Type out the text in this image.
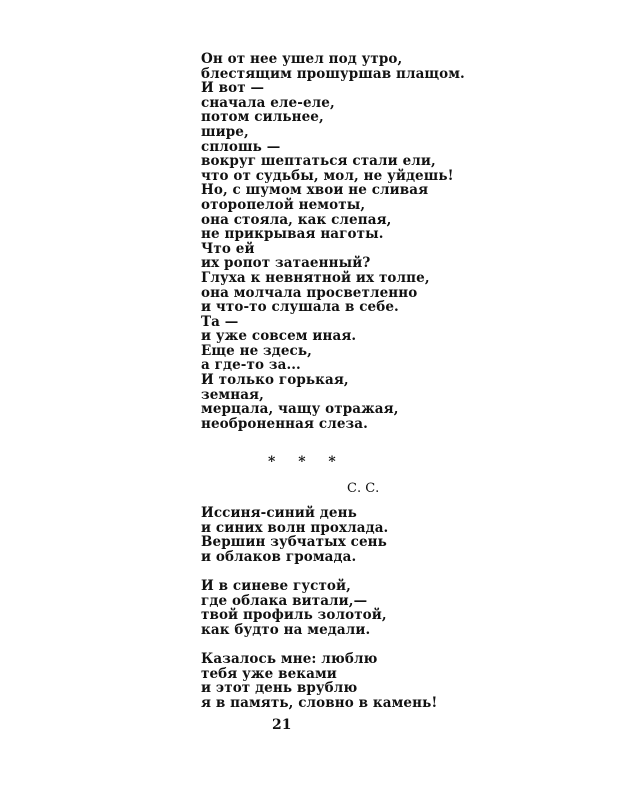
Он от нее ушел под утро,
блестящим прошуршав плащом.
И вот —
сначала еле-еле,
потом сильнее,
шире,
сплошь —
вокруг шептаться стали ели,
что от судьбы, мол, не уйдешь!
Но, с шумом хвои не сливая
оторопелой немоты,
она стояла, как слепая,
не прикрывая наготы.
Что ей
их ропот затаенный?
Глуха к невнятной их толпе,
она молчала просветленно
и что-то слушала в себе.
Та —
и уже совсем иная.
Еще не здесь,
а где-то за...
И только горькая,
земная,
мерцала, чащу отражая,
необроненная слеза.
* * *
С. С.
Иссиня-синий день
и синих волн прохлада.
Вершин зубчатых сень
и облаков громада.
И в синеве густой,
где облака витали,—
твой профиль золотой,
как будто на медали.
Казалось мне: люблю
тебя уже веками
и этот день врублю
я в память, словно в камень!
21
